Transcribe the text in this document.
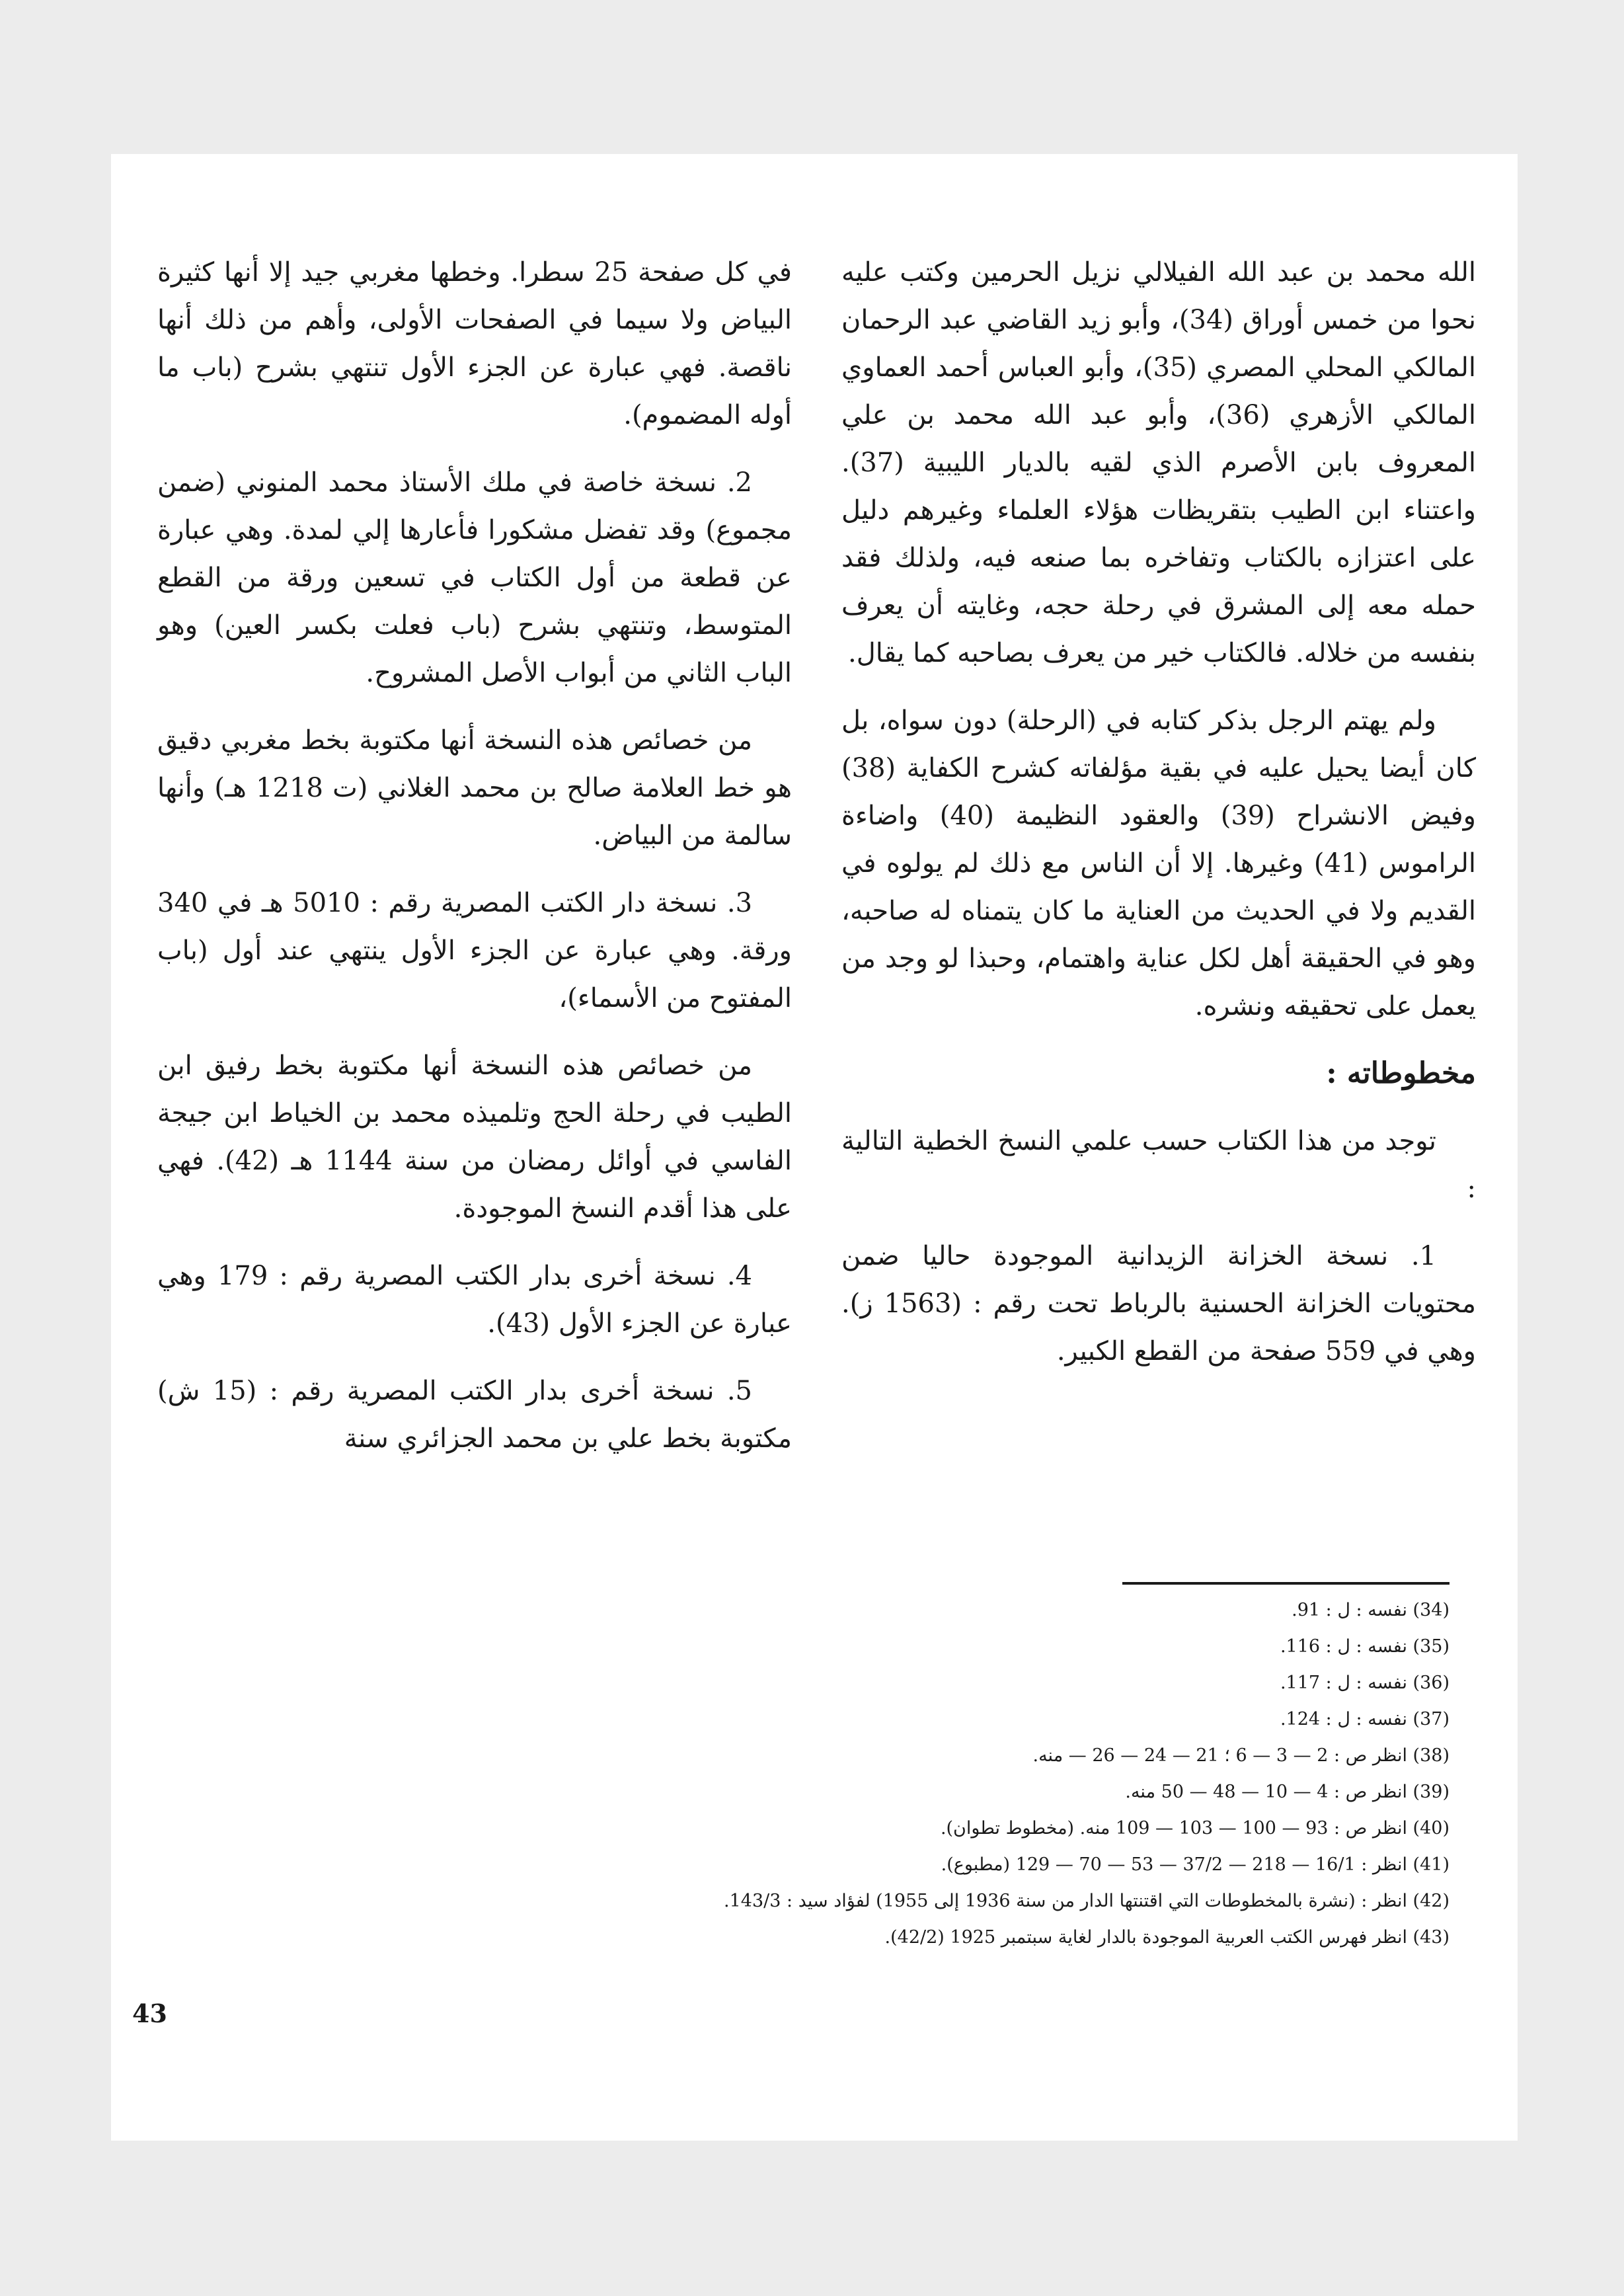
الله محمد بن عبد الله الفيلالي نزيل الحرمين وكتب عليه نحوا من خمس أوراق (34)، وأبو زيد القاضي عبد الرحمان المالكي المحلي المصري (35)، وأبو العباس أحمد العماوي المالكي الأزهري (36)، وأبو عبد الله محمد بن علي المعروف بابن الأصرم الذي لقيه بالديار الليبية (37). واعتناء ابن الطيب بتقريظات هؤلاء العلماء وغيرهم دليل على اعتزازه بالكتاب وتفاخره بما صنعه فيه، ولذلك فقد حمله معه إلى المشرق في رحلة حجه، وغايته أن يعرف بنفسه من خلاله. فالكتاب خير من يعرف بصاحبه كما يقال.

ولم يهتم الرجل بذكر كتابه في (الرحلة) دون سواه، بل كان أيضا يحيل عليه في بقية مؤلفاته كشرح الكفاية (38) وفيض الانشراح (39) والعقود النظيمة (40) واضاءة الراموس (41) وغيرها. إلا أن الناس مع ذلك لم يولوه في القديم ولا في الحديث من العناية ما كان يتمناه له صاحبه، وهو في الحقيقة أهل لكل عناية واهتمام، وحبذا لو وجد من يعمل على تحقيقه ونشره.

مخطوطاته :

توجد من هذا الكتاب حسب علمي النسخ الخطية التالية :

1. نسخة الخزانة الزيدانية الموجودة حاليا ضمن محتويات الخزانة الحسنية بالرباط تحت رقم : (1563 ز). وهي في 559 صفحة من القطع الكبير.

في كل صفحة 25 سطرا. وخطها مغربي جيد إلا أنها كثيرة البياض ولا سيما في الصفحات الأولى، وأهم من ذلك أنها ناقصة. فهي عبارة عن الجزء الأول تنتهي بشرح (باب ما أوله المضموم).

2. نسخة خاصة في ملك الأستاذ محمد المنوني (ضمن مجموع) وقد تفضل مشكورا فأعارها إلي لمدة. وهي عبارة عن قطعة من أول الكتاب في تسعين ورقة من القطع المتوسط، وتنتهي بشرح (باب فعلت بكسر العين) وهو الباب الثاني من أبواب الأصل المشروح.

من خصائص هذه النسخة أنها مكتوبة بخط مغربي دقيق هو خط العلامة صالح بن محمد الغلاني (ت 1218 هـ) وأنها سالمة من البياض.

3. نسخة دار الكتب المصرية رقم : 5010 هـ في 340 ورقة. وهي عبارة عن الجزء الأول ينتهي عند أول (باب المفتوح من الأسماء)،

من خصائص هذه النسخة أنها مكتوبة بخط رفيق ابن الطيب في رحلة الحج وتلميذه محمد بن الخياط ابن جيجة الفاسي في أوائل رمضان من سنة 1144 هـ (42). فهي على هذا أقدم النسخ الموجودة.

4. نسخة أخرى بدار الكتب المصرية رقم : 179 وهي عبارة عن الجزء الأول (43).

5. نسخة أخرى بدار الكتب المصرية رقم : (15 ش) مكتوبة بخط علي بن محمد الجزائري سنة

(34) نفسه : ل : 91.
(35) نفسه : ل : 116.
(36) نفسه : ل : 117.
(37) نفسه : ل : 124.
(38) انظر ص : 2 — 3 — 6 ؛ 21 — 24 — 26 — منه.
(39) انظر ص : 4 — 10 — 48 — 50 منه.
(40) انظر ص : 93 — 100 — 103 — 109 منه. (مخطوط تطوان).
(41) انظر : 16/1 — 218 — 37/2 — 53 — 70 — 129 (مطبوع).
(42) انظر : (نشرة بالمخطوطات التي اقتنتها الدار من سنة 1936 إلى 1955) لفؤاد سيد : 143/3.
(43) انظر فهرس الكتب العربية الموجودة بالدار لغاية سبتمبر 1925 (42/2).
43
